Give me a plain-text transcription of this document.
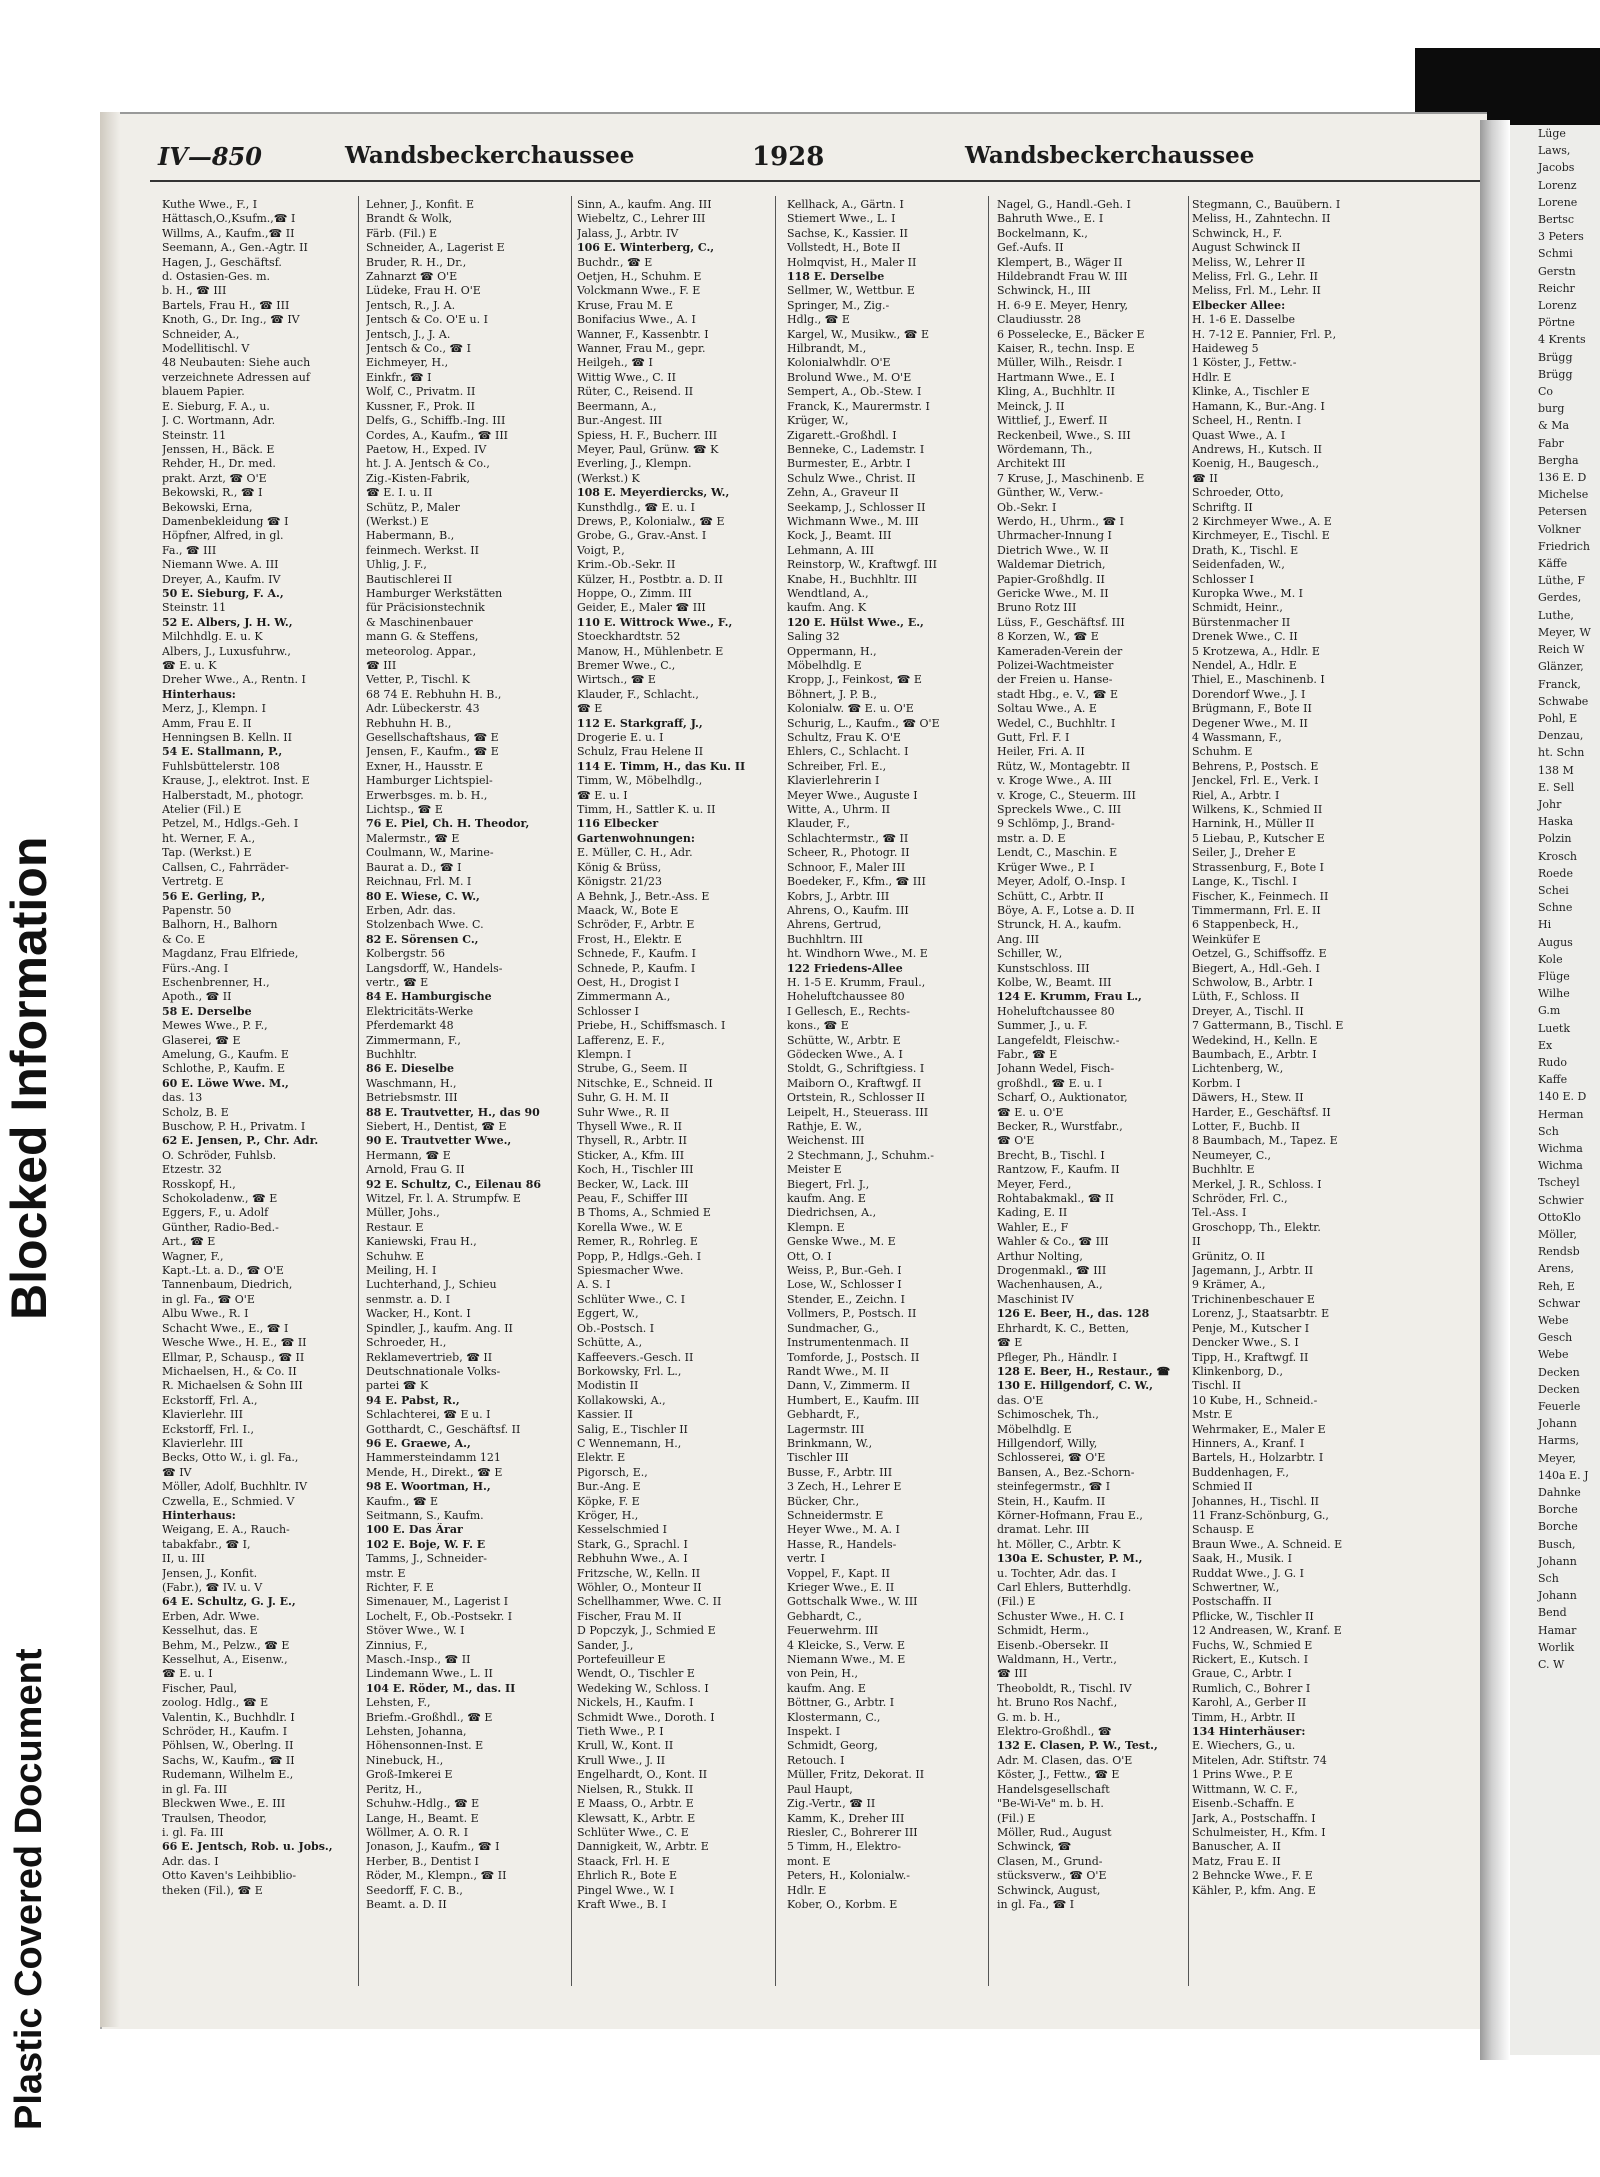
Lüge
Laws,
Jacobs
Lorenz
Lorene
Bertsc
3 Peters
Schmi
Gerstn
Reichr
Lorenz
Pörtne
4 Krents
Brügg
Brügg
Co
burg
& Ma
Fabr
Bergha
136 E. D
Michelse
Petersen
Volkner
Friedrich
Käffe
Lüthe, F
Gerdes,
Luthe,
Meyer, W
Reich W
Glänzer,
Franck,
Schwabe
Pohl, E
Denzau,
ht. Schn
138 M
E. Sell
Johr
Haska
Polzin
Krosch
Roede
Schei
Schne
Hi
Augus
Kole
Flüge
Wilhe
G.m
Luetk
Ex
Rudo
Kaffe
140 E. D
Herman
Sch
Wichma
Wichma
Tscheyl
Schwier
OttoKlo
Möller,
Rendsb
Arens,
Reh, E
Schwar
Webe
Gesch
Webe
Decken
Decken
Feuerle
Johann
Harms,
Meyer,
140a E. J
Dahnke
Borche
Borche
Busch,
Johann
Sch
Johann
Bend
Hamar
Worlik
C. W
IV—850	Wandsbeckerchaussee	1928	Wandsbeckerchaussee
Kuthe Wwe., F., I
Hättasch,O.,Ksufm.,☎ I
Willms, A., Kaufm.,☎ II
Seemann, A., Gen.-Agtr. II
Hagen, J., Geschäftsf.
d. Ostasien-Ges. m.
b. H., ☎ III
Bartels, Frau H., ☎ III
Knoth, G., Dr. Ing., ☎ IV
Schneider, A.,
Modellitischl. V
48 Neubauten: Siehe auch
verzeichnete Adressen auf
blauem Papier.
E. Sieburg, F. A., u.
J. C. Wortmann, Adr.
Steinstr. 11
Jenssen, H., Bäck. E
Rehder, H., Dr. med.
prakt. Arzt, ☎ O'E
Bekowski, R., ☎ I
Bekowski, Erna,
Damenbekleidung ☎ I
Höpfner, Alfred, in gl.
Fa., ☎ III
Niemann Wwe. A. III
Dreyer, A., Kaufm. IV
50 E. Sieburg, F. A.,
Steinstr. 11
52 E. Albers, J. H. W.,
Milchhdlg. E. u. K
Albers, J., Luxusfuhrw.,
☎ E. u. K
Dreher Wwe., A., Rentn. I
Hinterhaus:
Merz, J., Klempn. I
Amm, Frau E. II
Henningsen B. Kelln. II
54 E. Stallmann, P.,
Fuhlsbüttelerstr. 108
Krause, J., elektrot. Inst. E
Halberstadt, M., photogr.
Atelier (Fil.) E
Petzel, M., Hdlgs.-Geh. I
ht. Werner, F. A.,
Tap. (Werkst.) E
Callsen, C., Fahrräder-
Vertretg. E
56 E. Gerling, P.,
Papenstr. 50
Balhorn, H., Balhorn
& Co. E
Magdanz, Frau Elfriede,
Fürs.-Ang. I
Eschenbrenner, H.,
Apoth., ☎ II
58 E. Derselbe
Mewes Wwe., P. F.,
Glaserei, ☎ E
Amelung, G., Kaufm. E
Schlothe, P., Kaufm. E
60 E. Löwe Wwe. M.,
das. 13
Scholz, B. E
Buschow, P. H., Privatm. I
62 E. Jensen, P., Chr. Adr.
O. Schröder, Fuhlsb.
Etzestr. 32
Rosskopf, H.,
Schokoladenw., ☎ E
Eggers, F., u. Adolf
Günther, Radio-Bed.-
Art., ☎ E
Wagner, F.,
Kapt.-Lt. a. D., ☎ O'E
Tannenbaum, Diedrich,
in gl. Fa., ☎ O'E
Albu Wwe., R. I
Schacht Wwe., E., ☎ I
Wesche Wwe., H. E., ☎ II
Ellmar, P., Schausp., ☎ II
Michaelsen, H., & Co. II
R. Michaelsen & Sohn III
Eckstorff, Frl. A.,
Klavierlehr. III
Eckstorff, Frl. I.,
Klavierlehr. III
Becks, Otto W., i. gl. Fa.,
☎ IV
Möller, Adolf, Buchhltr. IV
Czwella, E., Schmied. V
Hinterhaus:
Weigang, E. A., Rauch-
tabakfabr., ☎ I,
II, u. III
Jensen, J., Konfit.
(Fabr.), ☎ IV. u. V
64 E. Schultz, G. J. E.,
Erben, Adr. Wwe.
Kesselhut, das. E
Behm, M., Pelzw., ☎ E
Kesselhut, A., Eisenw.,
☎ E. u. I
Fischer, Paul,
zoolog. Hdlg., ☎ E
Valentin, K., Buchhdlr. I
Schröder, H., Kaufm. I
Pöhlsen, W., Oberlng. II
Sachs, W., Kaufm., ☎ II
Rudemann, Wilhelm E.,
in gl. Fa. III
Bleckwen Wwe., E. III
Traulsen, Theodor,
i. gl. Fa. III
66 E. Jentsch, Rob. u. Jobs.,
Adr. das. I
Otto Kaven's Leihbiblio-
theken (Fil.), ☎ E
Lehner, J., Konfit. E
Brandt & Wolk,
Färb. (Fil.) E
Schneider, A., Lagerist E
Bruder, R. H., Dr.,
Zahnarzt ☎ O'E
Lüdeke, Frau H. O'E
Jentsch, R., J. A.
Jentsch & Co. O'E u. I
Jentsch, J., J. A.
Jentsch & Co., ☎ I
Eichmeyer, H.,
Einkfr., ☎ I
Wolf, C., Privatm. II
Kussner, F., Prok. II
Delfs, G., Schiffb.-Ing. III
Cordes, A., Kaufm., ☎ III
Paetow, H., Exped. IV
ht. J. A. Jentsch & Co.,
Zig.-Kisten-Fabrik,
☎ E. I. u. II
Schütz, P., Maler
(Werkst.) E
Habermann, B.,
feinmech. Werkst. II
Uhlig, J. F.,
Bautischlerei II
Hamburger Werkstätten
für Präcisionstechnik
& Maschinenbauer
mann G. & Steffens,
meteorolog. Appar.,
☎ III
Vetter, P., Tischl. K
68 74 E. Rebhuhn H. B.,
Adr. Lübeckerstr. 43
Rebhuhn H. B.,
Gesellschaftshaus, ☎ E
Jensen, F., Kaufm., ☎ E
Exner, H., Hausstr. E
Hamburger Lichtspiel-
Erwerbsges. m. b. H.,
Lichtsp., ☎ E
76 E. Piel, Ch. H. Theodor,
Malermstr., ☎ E
Coulmann, W., Marine-
Baurat a. D., ☎ I
Reichnau, Frl. M. I
80 E. Wiese, C. W.,
Erben, Adr. das.
Stolzenbach Wwe. C.
82 E. Sörensen C.,
Kolbergstr. 56
Langsdorff, W., Handels-
vertr., ☎ E
84 E. Hamburgische
Elektricitäts-Werke
Pferdemarkt 48
Zimmermann, F.,
Buchhltr.
86 E. Dieselbe
Waschmann, H.,
Betriebsmstr. III
88 E. Trautvetter, H., das 90
Siebert, H., Dentist, ☎ E
90 E. Trautvetter Wwe.,
Hermann, ☎ E
Arnold, Frau G. II
92 E. Schultz, C., Eilenau 86
Witzel, Fr. l. A. Strumpfw. E
Müller, Johs.,
Restaur. E
Kaniewski, Frau H.,
Schuhw. E
Meiling, H. I
Luchterhand, J., Schieu
senmstr. a. D. I
Wacker, H., Kont. I
Spindler, J., kaufm. Ang. II
Schroeder, H.,
Reklamevertrieb, ☎ II
Deutschnationale Volks-
partei ☎ K
94 E. Pabst, R.,
Schlachterei, ☎ E u. I
Gotthardt, C., Geschäftsf. II
96 E. Graewe, A.,
Hammersteindamm 121
Mende, H., Direkt., ☎ E
98 E. Woortman, H.,
Kaufm., ☎ E
Seitmann, S., Kaufm.
100 E. Das Ärar
102 E. Boje, W. F. E
Tamms, J., Schneider-
mstr. E
Richter, F. E
Simenauer, M., Lagerist I
Lochelt, F., Ob.-Postsekr. I
Stöver Wwe., W. I
Zinnius, F.,
Masch.-Insp., ☎ II
Lindemann Wwe., L. II
104 E. Röder, M., das. II
Lehsten, F.,
Briefm.-Großhdl., ☎ E
Lehsten, Johanna,
Höhensonnen-Inst. E
Ninebuck, H.,
Groß-Imkerei E
Peritz, H.,
Schuhw.-Hdlg., ☎ E
Lange, H., Beamt. E
Wöllmer, A. O. R. I
Jonason, J., Kaufm., ☎ I
Herber, B., Dentist I
Röder, M., Klempn., ☎ II
Seedorff, F. C. B.,
Beamt. a. D. II
Sinn, A., kaufm. Ang. III
Wiebeltz, C., Lehrer III
Jalass, J., Arbtr. IV
106 E. Winterberg, C.,
Buchdr., ☎ E
Oetjen, H., Schuhm. E
Volckmann Wwe., F. E
Kruse, Frau M. E
Bonifacius Wwe., A. I
Wanner, F., Kassenbtr. I
Wanner, Frau M., gepr.
Heilgeh., ☎ I
Wittig Wwe., C. II
Rüter, C., Reisend. II
Beermann, A.,
Bur.-Angest. III
Spiess, H. F., Bucherr. III
Meyer, Paul, Grünw. ☎ K
Everling, J., Klempn.
(Werkst.) K
108 E. Meyerdiercks, W.,
Kunsthdlg., ☎ E. u. I
Drews, P., Kolonialw., ☎ E
Grobe, G., Grav.-Anst. I
Voigt, P.,
Krim.-Ob.-Sekr. II
Külzer, H., Postbtr. a. D. II
Hoppe, O., Zimm. III
Geider, E., Maler ☎ III
110 E. Wittrock Wwe., F.,
Stoeckhardtstr. 52
Manow, H., Mühlenbetr. E
Bremer Wwe., C.,
Wirtsch., ☎ E
Klauder, F., Schlacht.,
☎ E
112 E. Starkgraff, J.,
Drogerie E. u. I
Schulz, Frau Helene II
114 E. Timm, H., das Ku. II
Timm, W., Möbelhdlg.,
☎ E. u. I
Timm, H., Sattler K. u. II
116 Elbecker
Gartenwohnungen:
E. Müller, C. H., Adr.
König & Brüss,
Königstr. 21/23
A Behnk, J., Betr.-Ass. E
Maack, W., Bote E
Schröder, F., Arbtr. E
Frost, H., Elektr. E
Schnede, F., Kaufm. I
Schnede, P., Kaufm. I
Oest, H., Drogist I
Zimmermann A.,
Schlosser I
Priebe, H., Schiffsmasch. I
Lafferenz, E. F.,
Klempn. I
Strube, G., Seem. II
Nitschke, E., Schneid. II
Suhr, G. H. M. II
Suhr Wwe., R. II
Thysell Wwe., R. II
Thysell, R., Arbtr. II
Sticker, A., Kfm. III
Koch, H., Tischler III
Becker, W., Lack. III
Peau, F., Schiffer III
B Thoms, A., Schmied E
Korella Wwe., W. E
Remer, R., Rohrleg. E
Popp, P., Hdlgs.-Geh. I
Spiesmacher Wwe.
A. S. I
Schlüter Wwe., C. I
Eggert, W.,
Ob.-Postsch. I
Schütte, A.,
Kaffeevers.-Gesch. II
Borkowsky, Frl. L.,
Modistin II
Kollakowski, A.,
Kassier. II
Salig, E., Tischler II
C Wennemann, H.,
Elektr. E
Pigorsch, E.,
Bur.-Ang. E
Köpke, F. E
Kröger, H.,
Kesselschmied I
Stark, G., Sprachl. I
Rebhuhn Wwe., A. I
Fritzsche, W., Kelln. II
Wöhler, O., Monteur II
Schellhammer, Wwe. C. II
Fischer, Frau M. II
D Popczyk, J., Schmied E
Sander, J.,
Portefeuilleur E
Wendt, O., Tischler E
Wedeking W., Schloss. I
Nickels, H., Kaufm. I
Schmidt Wwe., Doroth. I
Tieth Wwe., P. I
Krull, W., Kont. II
Krull Wwe., J. II
Engelhardt, O., Kont. II
Nielsen, R., Stukk. II
E Maass, O., Arbtr. E
Klewsatt, K., Arbtr. E
Schlüter Wwe., C. E
Dannigkeit, W., Arbtr. E
Staack, Frl. H. E
Ehrlich R., Bote E
Pingel Wwe., W. I
Kraft Wwe., B. I
Kellhack, A., Gärtn. I
Stiemert Wwe., L. I
Sachse, K., Kassier. II
Vollstedt, H., Bote II
Holmqvist, H., Maler II
118 E. Derselbe
Sellmer, W., Wettbur. E
Springer, M., Zig.-
Hdlg., ☎ E
Kargel, W., Musikw., ☎ E
Hilbrandt, M.,
Kolonialwhdlr. O'E
Brolund Wwe., M. O'E
Sempert, A., Ob.-Stew. I
Franck, K., Maurermstr. I
Krüger, W.,
Zigarett.-Großhdl. I
Benneke, C., Lademstr. I
Burmester, E., Arbtr. I
Schulz Wwe., Christ. II
Zehn, A., Graveur II
Seekamp, J., Schlosser II
Wichmann Wwe., M. III
Kock, J., Beamt. III
Lehmann, A. III
Reinstorp, W., Kraftwgf. III
Knabe, H., Buchhltr. III
Wendtland, A.,
kaufm. Ang. K
120 E. Hülst Wwe., E.,
Saling 32
Oppermann, H.,
Möbelhdlg. E
Kropp, J., Feinkost, ☎ E
Böhnert, J. P. B.,
Kolonialw. ☎ E. u. O'E
Schurig, L., Kaufm., ☎ O'E
Schultz, Frau K. O'E
Ehlers, C., Schlacht. I
Schreiber, Frl. E.,
Klavierlehrerin I
Meyer Wwe., Auguste I
Witte, A., Uhrm. II
Klauder, F.,
Schlachtermstr., ☎ II
Scheer, R., Photogr. II
Schnoor, F., Maler III
Boedeker, F., Kfm., ☎ III
Kobrs, J., Arbtr. III
Ahrens, O., Kaufm. III
Ahrens, Gertrud,
Buchhltrn. III
ht. Windhorn Wwe., M. E
122 Friedens-Allee
H. 1-5 E. Krumm, Fraul.,
Hoheluftchaussee 80
I Gellesch, E., Rechts-
kons., ☎ E
Schütte, W., Arbtr. E
Gödecken Wwe., A. I
Stoldt, G., Schriftgiess. I
Maiborn O., Kraftwgf. II
Ortstein, R., Schlosser II
Leipelt, H., Steuerass. III
Rathje, E. W.,
Weichenst. III
2 Stechmann, J., Schuhm.-
Meister E
Biegert, Frl. J.,
kaufm. Ang. E
Diedrichsen, A.,
Klempn. E
Genske Wwe., M. E
Ott, O. I
Weiss, P., Bur.-Geh. I
Lose, W., Schlosser I
Stender, E., Zeichn. I
Vollmers, P., Postsch. II
Sundmacher, G.,
Instrumentenmach. II
Tomforde, J., Postsch. II
Randt Wwe., M. II
Dann, V., Zimmerm. II
Humbert, E., Kaufm. III
Gebhardt, F.,
Lagermstr. III
Brinkmann, W.,
Tischler III
Busse, F., Arbtr. III
3 Zech, H., Lehrer E
Bücker, Chr.,
Schneidermstr. E
Heyer Wwe., M. A. I
Hasse, R., Handels-
vertr. I
Voppel, F., Kapt. II
Krieger Wwe., E. II
Gottschalk Wwe., W. III
Gebhardt, C.,
Feuerwehrm. III
4 Kleicke, S., Verw. E
Niemann Wwe., M. E
von Pein, H.,
kaufm. Ang. E
Böttner, G., Arbtr. I
Klostermann, C.,
Inspekt. I
Schmidt, Georg,
Retouch. I
Müller, Fritz, Dekorat. II
Paul Haupt,
Zig.-Vertr., ☎ II
Kamm, K., Dreher III
Riesler, C., Bohrerer III
5 Timm, H., Elektro-
mont. E
Peters, H., Kolonialw.-
Hdlr. E
Kober, O., Korbm. E
Nagel, G., Handl.-Geh. I
Bahruth Wwe., E. I
Bockelmann, K.,
Gef.-Aufs. II
Klempert, B., Wäger II
Hildebrandt Frau W. III
Schwinck, H., III
H. 6-9 E. Meyer, Henry,
Claudiusstr. 28
6 Posselecke, E., Bäcker E
Kaiser, R., techn. Insp. E
Müller, Wilh., Reisdr. I
Hartmann Wwe., E. I
Kling, A., Buchhltr. II
Meinck, J. II
Wittlief, J., Ewerf. II
Reckenbeil, Wwe., S. III
Wördemann, Th.,
Architekt III
7 Kruse, J., Maschinenb. E
Günther, W., Verw.-
Ob.-Sekr. I
Werdo, H., Uhrm., ☎ I
Uhrmacher-Innung I
Dietrich Wwe., W. II
Waldemar Dietrich,
Papier-Großhdlg. II
Gericke Wwe., M. II
Bruno Rotz III
Lüss, F., Geschäftsf. III
8 Korzen, W., ☎ E
Kameraden-Verein der
Polizei-Wachtmeister
der Freien u. Hanse-
stadt Hbg., e. V., ☎ E
Soltau Wwe., A. E
Wedel, C., Buchhltr. I
Gutt, Frl. F. I
Heiler, Fri. A. II
Rütz, W., Montagebtr. II
v. Kroge Wwe., A. III
v. Kroge, C., Steuerm. III
Spreckels Wwe., C. III
9 Schlömp, J., Brand-
mstr. a. D. E
Lendt, C., Maschin. E
Krüger Wwe., P. I
Meyer, Adolf, O.-Insp. I
Schütt, C., Arbtr. II
Böye, A. F., Lotse a. D. II
Strunck, H. A., kaufm.
Ang. III
Schiller, W.,
Kunstschloss. III
Kolbe, W., Beamt. III
124 E. Krumm, Frau L.,
Hoheluftchaussee 80
Summer, J., u. F.
Langefeldt, Fleischw.-
Fabr., ☎ E
Johann Wedel, Fisch-
großhdl., ☎ E. u. I
Scharf, O., Auktionator,
☎ E. u. O'E
Becker, R., Wurstfabr.,
☎ O'E
Brecht, B., Tischl. I
Rantzow, F., Kaufm. II
Meyer, Ferd.,
Rohtabakmakl., ☎ II
Kading, E. II
Wahler, E., F
Wahler & Co., ☎ III
Arthur Nolting,
Drogenmakl., ☎ III
Wachenhausen, A.,
Maschinist IV
126 E. Beer, H., das. 128
Ehrhardt, K. C., Betten,
☎ E
Pfleger, Ph., Händlr. I
128 E. Beer, H., Restaur., ☎
130 E. Hillgendorf, C. W.,
das. O'E
Schimoschek, Th.,
Möbelhdlg. E
Hillgendorf, Willy,
Schlosserei, ☎ O'E
Bansen, A., Bez.-Schorn-
steinfegermstr., ☎ I
Stein, H., Kaufm. II
Körner-Hofmann, Frau E.,
dramat. Lehr. III
ht. Möller, C., Arbtr. K
130a E. Schuster, P. M.,
u. Tochter, Adr. das. I
Carl Ehlers, Butterhdlg.
(Fil.) E
Schuster Wwe., H. C. I
Schmidt, Herm.,
Eisenb.-Obersekr. II
Waldmann, H., Vertr.,
☎ III
Theoboldt, R., Tischl. IV
ht. Bruno Ros Nachf.,
G. m. b. H.,
Elektro-Großhdl., ☎
132 E. Clasen, P. W., Test.,
Adr. M. Clasen, das. O'E
Köster, J., Fettw., ☎ E
Handelsgesellschaft
"Be-Wi-Ve" m. b. H.
(Fil.) E
Möller, Rud., August
Schwinck, ☎
Clasen, M., Grund-
stücksverw., ☎ O'E
Schwinck, August,
in gl. Fa., ☎ I
Stegmann, C., Bauübern. I
Meliss, H., Zahntechn. II
Schwinck, H., F.
August Schwinck II
Meliss, W., Lehrer II
Meliss, Frl. G., Lehr. II
Meliss, Frl. M., Lehr. II
Elbecker Allee:
H. 1-6 E. Dasselbe
H. 7-12 E. Pannier, Frl. P.,
Haideweg 5
1 Köster, J., Fettw.-
Hdlr. E
Klinke, A., Tischler E
Hamann, K., Bur.-Ang. I
Scheel, H., Rentn. I
Quast Wwe., A. I
Andrews, H., Kutsch. II
Koenig, H., Baugesch.,
☎ II
Schroeder, Otto,
Schriftg. II
2 Kirchmeyer Wwe., A. E
Kirchmeyer, E., Tischl. E
Drath, K., Tischl. E
Seidenfaden, W.,
Schlosser I
Kuropka Wwe., M. I
Schmidt, Heinr.,
Bürstenmacher II
Drenek Wwe., C. II
5 Krotzewa, A., Hdlr. E
Nendel, A., Hdlr. E
Thiel, E., Maschinenb. I
Dorendorf Wwe., J. I
Brügmann, F., Bote II
Degener Wwe., M. II
4 Wassmann, F.,
Schuhm. E
Behrens, P., Postsch. E
Jenckel, Frl. E., Verk. I
Riel, A., Arbtr. I
Wilkens, K., Schmied II
Harnink, H., Müller II
5 Liebau, P., Kutscher E
Seiler, J., Dreher E
Strassenburg, F., Bote I
Lange, K., Tischl. I
Fischer, K., Feinmech. II
Timmermann, Frl. E. II
6 Stappenbeck, H.,
Weinküfer E
Oetzel, G., Schiffsoffz. E
Biegert, A., Hdl.-Geh. I
Schwolow, B., Arbtr. I
Lüth, F., Schloss. II
Dreyer, A., Tischl. II
7 Gattermann, B., Tischl. E
Wedekind, H., Kelln. E
Baumbach, E., Arbtr. I
Lichtenberg, W.,
Korbm. I
Däwers, H., Stew. II
Harder, E., Geschäftsf. II
Lotter, F., Buchb. II
8 Baumbach, M., Tapez. E
Neumeyer, C.,
Buchhltr. E
Merkel, J. R., Schloss. I
Schröder, Frl. C.,
Tel.-Ass. I
Groschopp, Th., Elektr.
II
Grünitz, O. II
Jagemann, J., Arbtr. II
9 Krämer, A.,
Trichinenbeschauer E
Lorenz, J., Staatsarbtr. E
Penje, M., Kutscher I
Dencker Wwe., S. I
Tipp, H., Kraftwgf. II
Klinkenborg, D.,
Tischl. II
10 Kube, H., Schneid.-
Mstr. E
Wehrmaker, E., Maler E
Hinners, A., Kranf. I
Bartels, H., Holzarbtr. I
Buddenhagen, F.,
Schmied II
Johannes, H., Tischl. II
11 Franz-Schönburg, G.,
Schausp. E
Braun Wwe., A. Schneid. E
Saak, H., Musik. I
Ruddat Wwe., J. G. I
Schwertner, W.,
Postschaffn. II
Pflicke, W., Tischler II
12 Andreasen, W., Kranf. E
Fuchs, W., Schmied E
Rickert, E., Kutsch. I
Graue, C., Arbtr. I
Rumlich, C., Bohrer I
Karohl, A., Gerber II
Timm, H., Arbtr. II
134 Hinterhäuser:
E. Wiechers, G., u.
Mitelen, Adr. Stiftstr. 74
1 Prins Wwe., P. E
Wittmann, W. C. F.,
Eisenb.-Schaffn. E
Jark, A., Postschaffn. I
Schulmeister, H., Kfm. I
Banuscher, A. II
Matz, Frau E. II
2 Behncke Wwe., F. E
Kähler, P., kfm. Ang. E
Plastic Covered Document
Blocked Information
